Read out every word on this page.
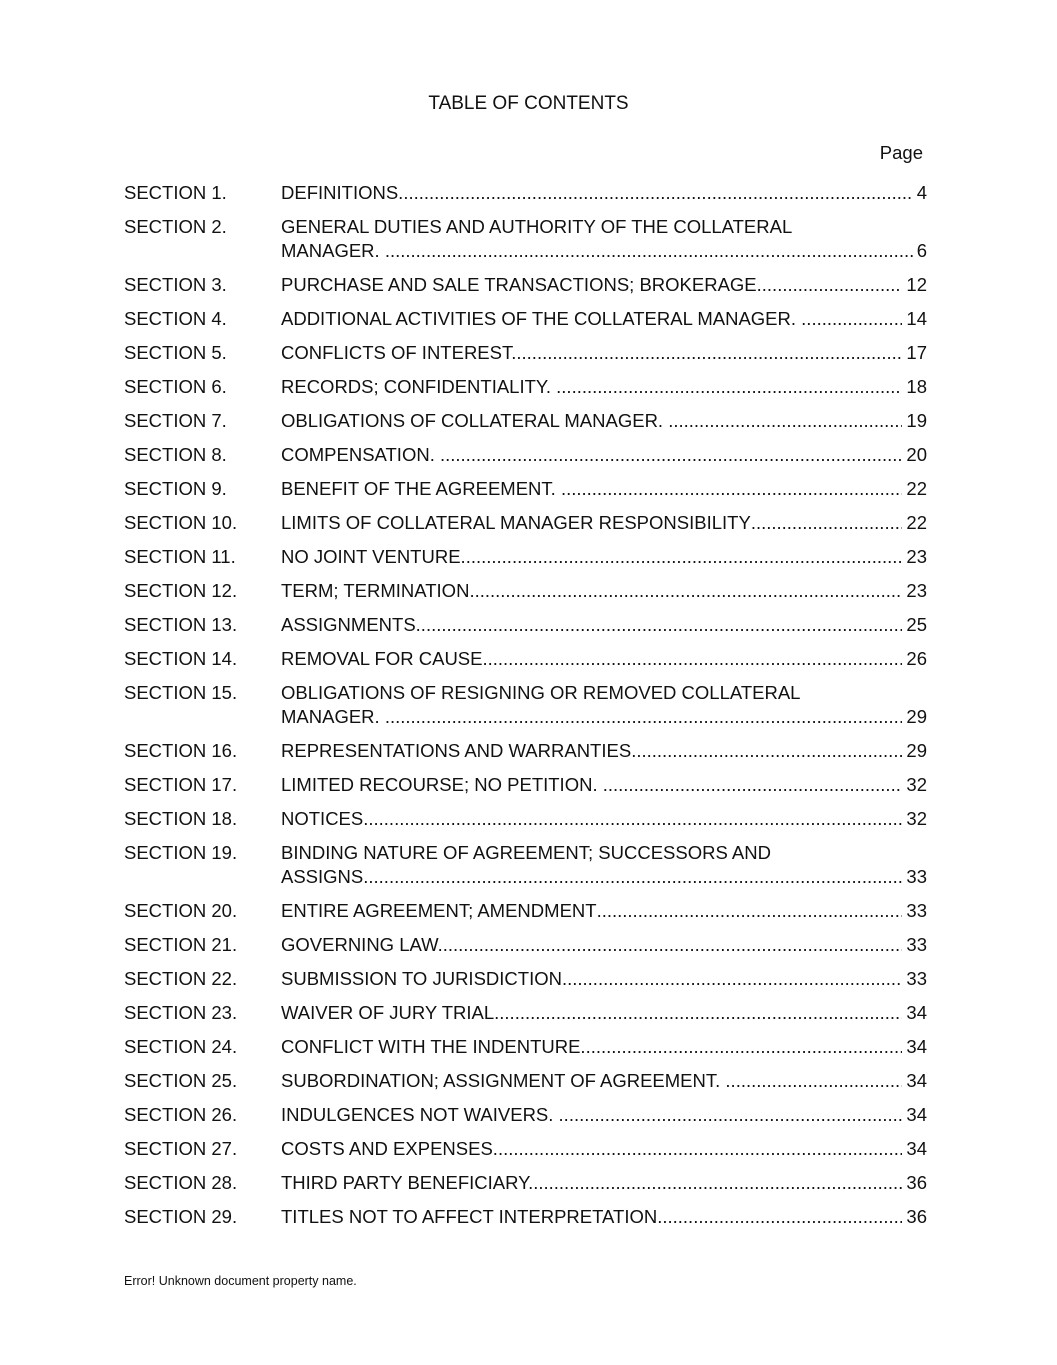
TABLE OF CONTENTS
Page
SECTION 1.	DEFINITIONS. .....	4
SECTION 2.	GENERAL DUTIES AND AUTHORITY OF THE COLLATERAL
MANAGER. .....	6
SECTION 3.	PURCHASE AND SALE TRANSACTIONS; BROKERAGE. .....	12
SECTION 4.	ADDITIONAL ACTIVITIES OF THE COLLATERAL MANAGER. .....	14
SECTION 5.	CONFLICTS OF INTEREST. .....	17
SECTION 6.	RECORDS; CONFIDENTIALITY. .....	18
SECTION 7.	OBLIGATIONS OF COLLATERAL MANAGER. .....	19
SECTION 8.	COMPENSATION. .....	20
SECTION 9.	BENEFIT OF THE AGREEMENT. .....	22
SECTION 10.	LIMITS OF COLLATERAL MANAGER RESPONSIBILITY .....	22
SECTION 11.	NO JOINT VENTURE. .....	23
SECTION 12.	TERM; TERMINATION .....	23
SECTION 13.	ASSIGNMENTS .....	25
SECTION 14.	REMOVAL FOR CAUSE. .....	26
SECTION 15.	OBLIGATIONS OF RESIGNING OR REMOVED COLLATERAL
MANAGER. .....	29
SECTION 16.	REPRESENTATIONS AND WARRANTIES .....	29
SECTION 17.	LIMITED RECOURSE; NO PETITION. .....	32
SECTION 18.	NOTICES. .....	32
SECTION 19.	BINDING NATURE OF AGREEMENT; SUCCESSORS AND
ASSIGNS. .....	33
SECTION 20.	ENTIRE AGREEMENT; AMENDMENT .....	33
SECTION 21.	GOVERNING LAW. .....	33
SECTION 22.	SUBMISSION TO JURISDICTION. .....	33
SECTION 23.	WAIVER OF JURY TRIAL. .....	34
SECTION 24.	CONFLICT WITH THE INDENTURE. .....	34
SECTION 25.	SUBORDINATION; ASSIGNMENT OF AGREEMENT. .....	34
SECTION 26.	INDULGENCES NOT WAIVERS. .....	34
SECTION 27.	COSTS AND EXPENSES. .....	34
SECTION 28.	THIRD PARTY BENEFICIARY. .....	36
SECTION 29.	TITLES NOT TO AFFECT INTERPRETATION. .....	36
Error! Unknown document property name.
